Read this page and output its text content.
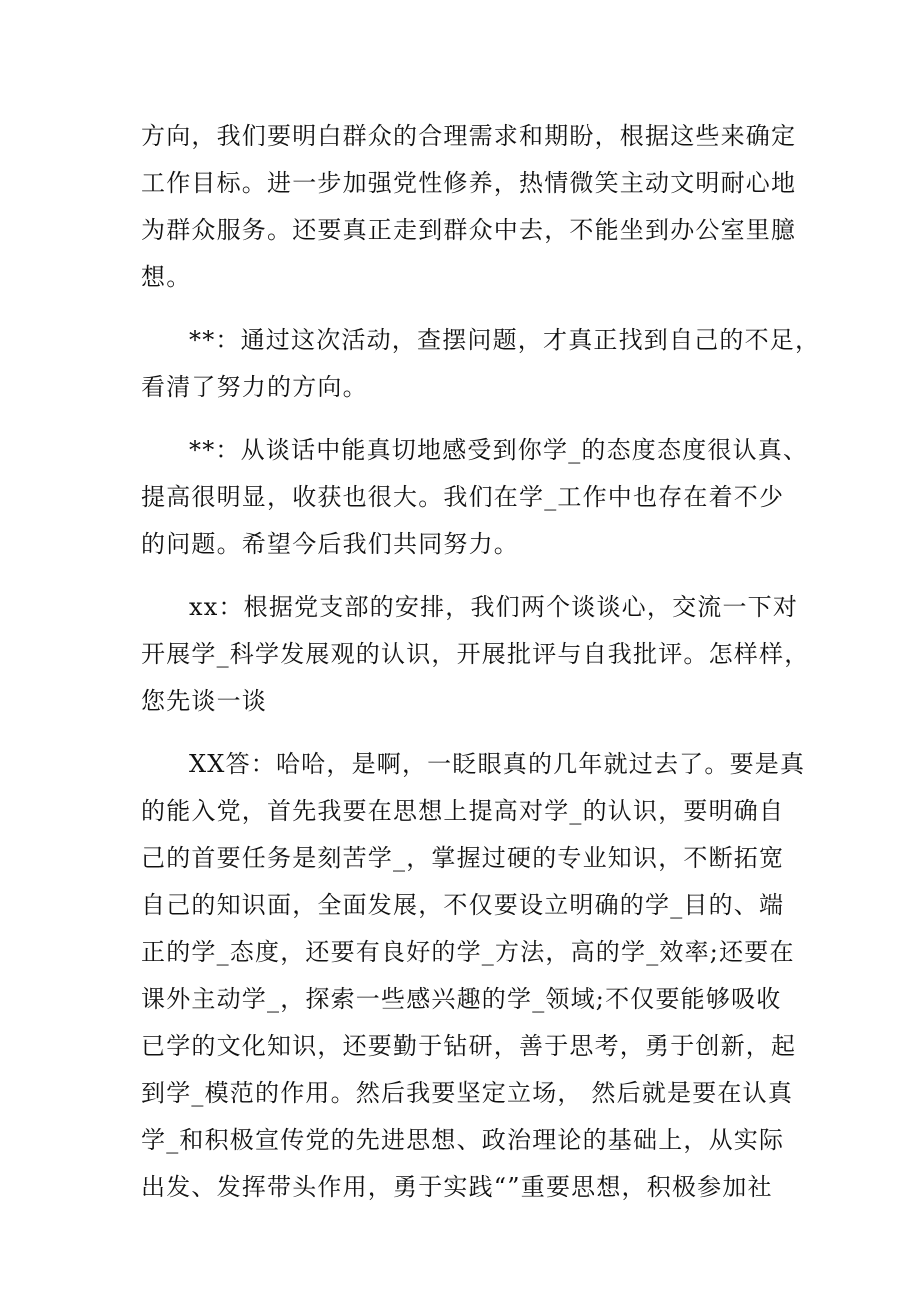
方向，我们要明白群众的合理需求和期盼，根据这些来确定
工作目标。进一步加强党性修养，热情微笑主动文明耐心地
为群众服务。还要真正走到群众中去，不能坐到办公室里臆
想。
**：通过这次活动，查摆问题，才真正找到自己的不足，
看清了努力的方向。
**：从谈话中能真切地感受到你学_的态度态度很认真、
提高很明显，收获也很大。我们在学_工作中也存在着不少
的问题。希望今后我们共同努力。
xx：根据党支部的安排，我们两个谈谈心，交流一下对
开展学_科学发展观的认识，开展批评与自我批评。怎样样，
您先谈一谈
XX答：哈哈，是啊，一眨眼真的几年就过去了。要是真
的能入党，首先我要在思想上提高对学_的认识，要明确自
己的首要任务是刻苦学_，掌握过硬的专业知识，不断拓宽
自己的知识面，全面发展，不仅要设立明确的学_目的、端
正的学_态度，还要有良好的学_方法，高的学_效率;还要在
课外主动学_，探索一些感兴趣的学_领域;不仅要能够吸收
已学的文化知识，还要勤于钻研，善于思考，勇于创新，起
到学_模范的作用。然后我要坚定立场， 然后就是要在认真
学_和积极宣传党的先进思想、政治理论的基础上，从实际
出发、发挥带头作用，勇于实践“”重要思想，积极参加社
